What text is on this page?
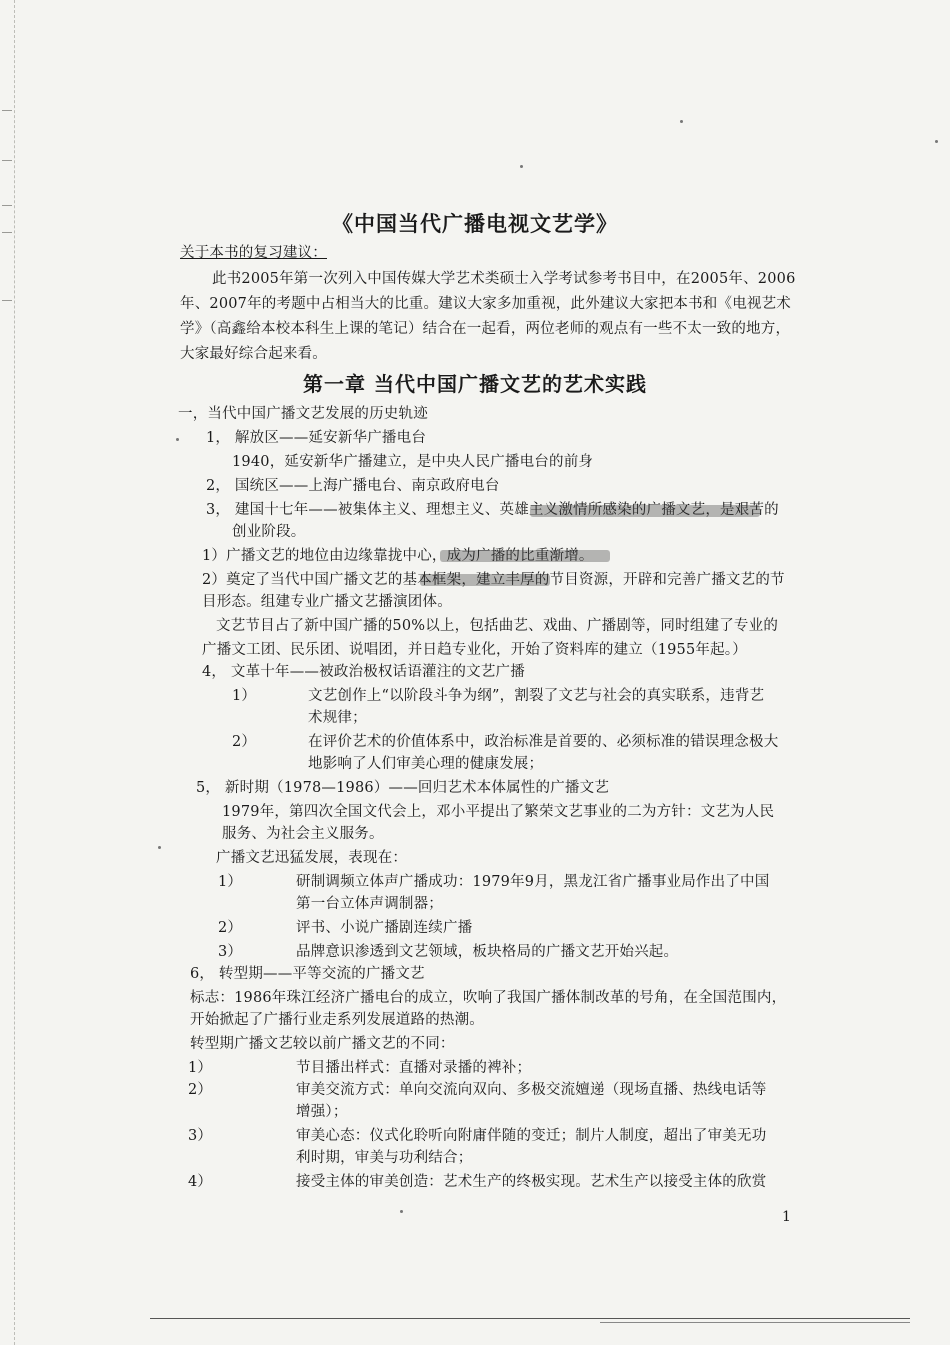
《中国当代广播电视文艺学》
关于本书的复习建议：
此书2005年第一次列入中国传媒大学艺术类硕士入学考试参考书目中，在2005年、2006
年、2007年的考题中占相当大的比重。建议大家多加重视，此外建议大家把本书和《电视艺术
学》（高鑫给本校本科生上课的笔记）结合在一起看，两位老师的观点有一些不太一致的地方，
大家最好综合起来看。
第一章 当代中国广播文艺的艺术实践
一，当代中国广播文艺发展的历史轨迹
1， 解放区——延安新华广播电台
1940，延安新华广播建立，是中央人民广播电台的前身
2， 国统区——上海广播电台、南京政府电台
3， 建国十七年——被集体主义、理想主义、英雄主义激情所感染的广播文艺，是艰苦的
创业阶段。
1）广播文艺的地位由边缘靠拢中心，成为广播的比重渐增。
2）奠定了当代中国广播文艺的基本框架，建立丰厚的节目资源，开辟和完善广播文艺的节
目形态。组建专业广播文艺播演团体。
文艺节目占了新中国广播的50%以上，包括曲艺、戏曲、广播剧等，同时组建了专业的
广播文工团、民乐团、说唱团，并日趋专业化，开始了资料库的建立（1955年起。）
4， 文革十年——被政治极权话语灌注的文艺广播
1）	文艺创作上“以阶段斗争为纲”，割裂了文艺与社会的真实联系，违背艺
术规律；
2）	在评价艺术的价值体系中，政治标准是首要的、必须标准的错误理念极大
地影响了人们审美心理的健康发展；
5， 新时期（1978—1986）——回归艺术本体属性的广播文艺
1979年，第四次全国文代会上，邓小平提出了繁荣文艺事业的二为方针：文艺为人民
服务、为社会主义服务。
广播文艺迅猛发展，表现在：
1）	研制调频立体声广播成功：1979年9月，黑龙江省广播事业局作出了中国
第一台立体声调制器；
2）	评书、小说广播剧连续广播
3）	品牌意识渗透到文艺领域，板块格局的广播文艺开始兴起。
6， 转型期——平等交流的广播文艺
标志：1986年珠江经济广播电台的成立，吹响了我国广播体制改革的号角，在全国范围内，
开始掀起了广播行业走系列发展道路的热潮。
转型期广播文艺较以前广播文艺的不同：
1）	节目播出样式：直播对录播的裨补；
2）	审美交流方式：单向交流向双向、多极交流嬗递（现场直播、热线电话等
增强）；
3）	审美心态：仪式化聆听向附庸伴随的变迁；制片人制度，超出了审美无功
利时期，审美与功利结合；
4）	接受主体的审美创造：艺术生产的终极实现。艺术生产以接受主体的欣赏
1
